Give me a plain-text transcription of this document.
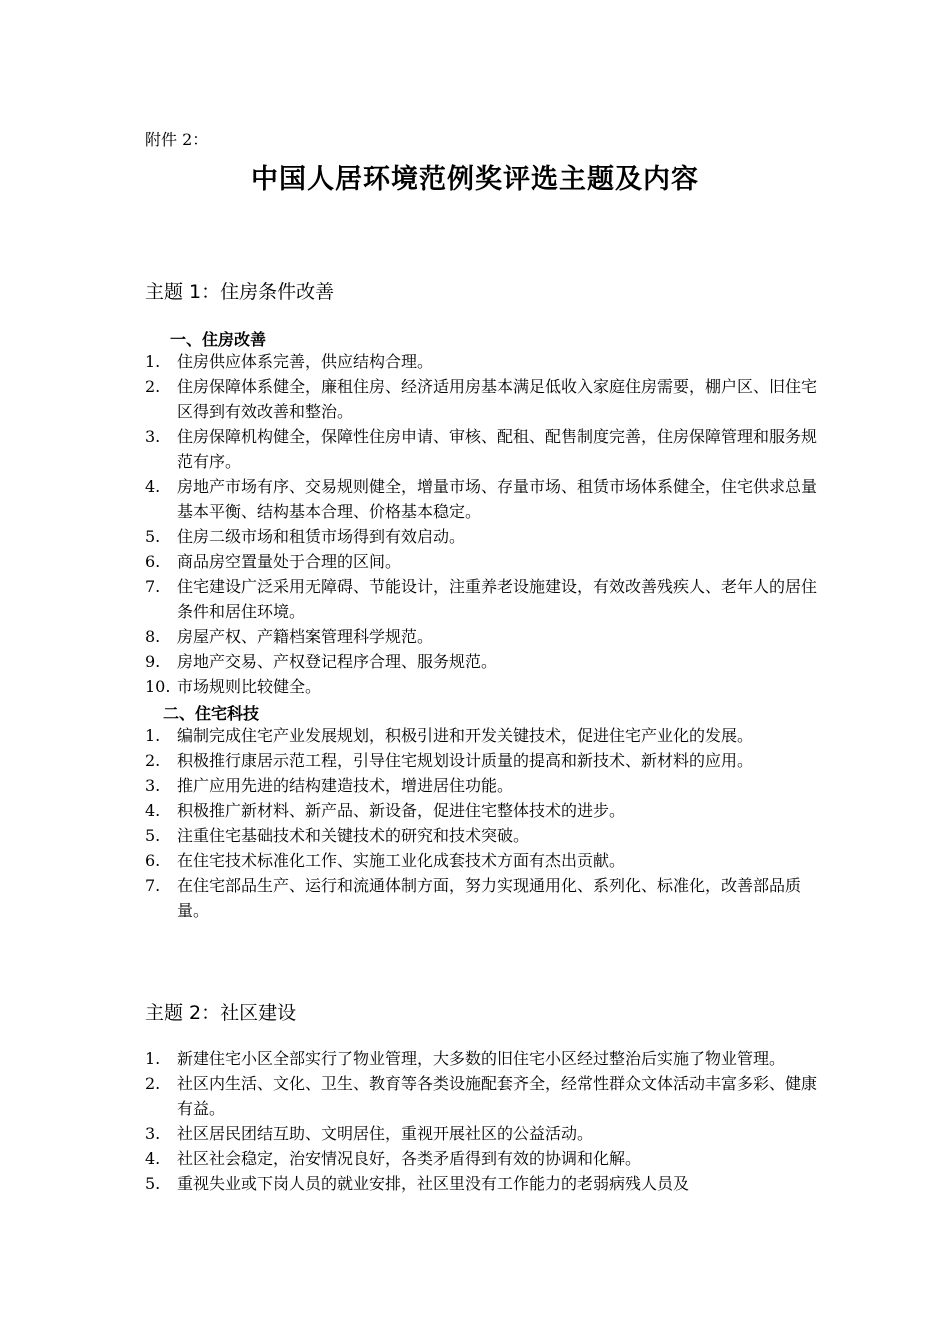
附件 2：
中国人居环境范例奖评选主题及内容
主题 1：住房条件改善
一、住房改善
1. 住房供应体系完善，供应结构合理。
2. 住房保障体系健全，廉租住房、经济适用房基本满足低收入家庭住房需要，棚户区、旧住宅区得到有效改善和整治。
3. 住房保障机构健全，保障性住房申请、审核、配租、配售制度完善，住房保障管理和服务规范有序。
4. 房地产市场有序、交易规则健全，增量市场、存量市场、租赁市场体系健全，住宅供求总量基本平衡、结构基本合理、价格基本稳定。
5. 住房二级市场和租赁市场得到有效启动。
6. 商品房空置量处于合理的区间。
7. 住宅建设广泛采用无障碍、节能设计，注重养老设施建设，有效改善残疾人、老年人的居住条件和居住环境。
8. 房屋产权、产籍档案管理科学规范。
9. 房地产交易、产权登记程序合理、服务规范。
10. 市场规则比较健全。
二、住宅科技
1. 编制完成住宅产业发展规划，积极引进和开发关键技术，促进住宅产业化的发展。
2. 积极推行康居示范工程，引导住宅规划设计质量的提高和新技术、新材料的应用。
3. 推广应用先进的结构建造技术，增进居住功能。
4. 积极推广新材料、新产品、新设备，促进住宅整体技术的进步。
5. 注重住宅基础技术和关键技术的研究和技术突破。
6. 在住宅技术标准化工作、实施工业化成套技术方面有杰出贡献。
7. 在住宅部品生产、运行和流通体制方面，努力实现通用化、系列化、标准化，改善部品质量。
主题 2：社区建设
1. 新建住宅小区全部实行了物业管理，大多数的旧住宅小区经过整治后实施了物业管理。
2. 社区内生活、文化、卫生、教育等各类设施配套齐全，经常性群众文体活动丰富多彩、健康有益。
3. 社区居民团结互助、文明居住，重视开展社区的公益活动。
4. 社区社会稳定，治安情况良好，各类矛盾得到有效的协调和化解。
5. 重视失业或下岗人员的就业安排，社区里没有工作能力的老弱病残人员及
